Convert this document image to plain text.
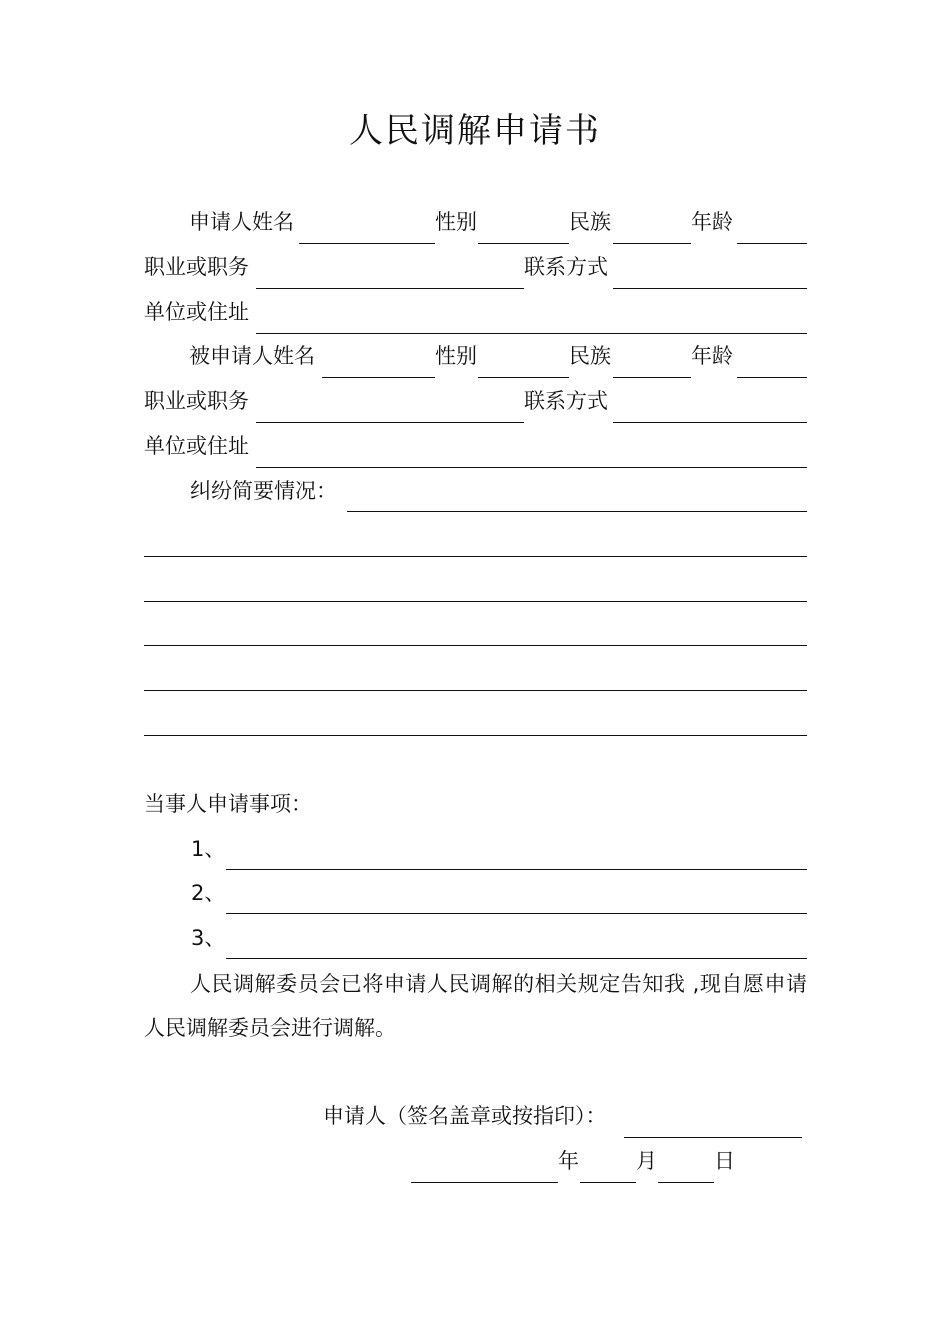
人民调解申请书
申请人姓名	性别	民族	年龄
职业或职务	联系方式
单位或住址
被申请人姓名	性别	民族	年龄
职业或职务	联系方式
单位或住址
纠纷简要情况：
当事人申请事项：
1、
2、
3、
人民调解委员会已将申请人民调解的相关规定告知我 ,现自愿申请人民调解委员会进行调解。
申请人（签名盖章或按指印）：
年	月	日
